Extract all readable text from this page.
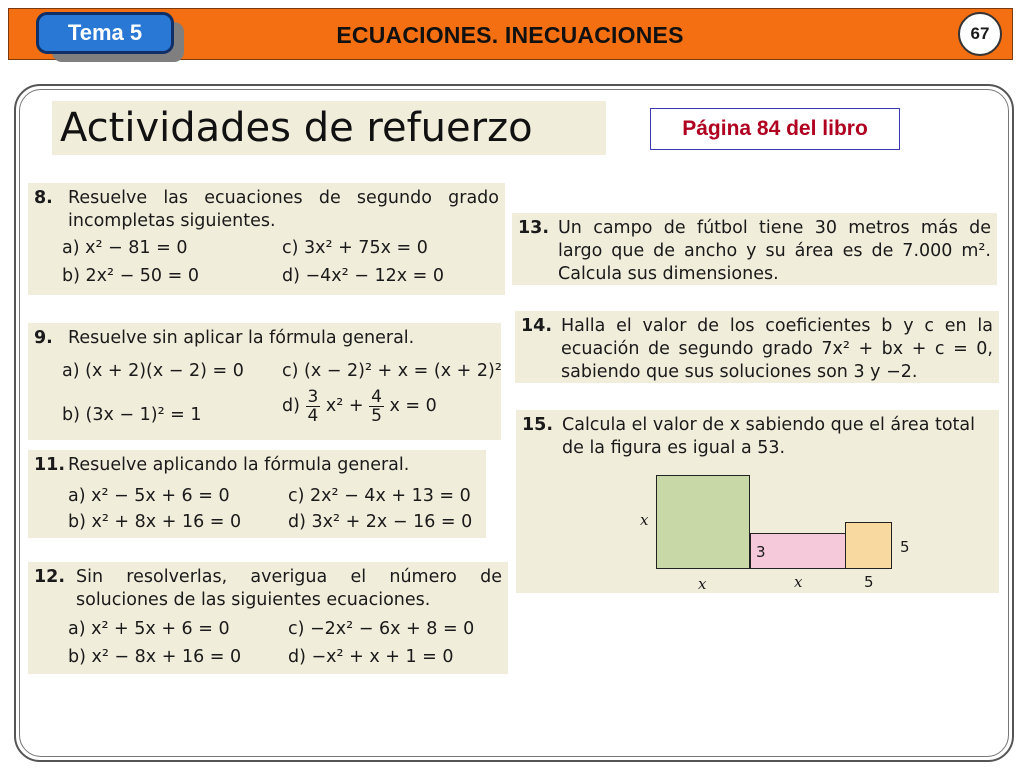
Tema 5	ECUACIONES. INECUACIONES	67
Actividades de refuerzo	Página 84 del libro
8. Resuelve las ecuaciones de segundo grado incompletas siguientes.
a) x² − 81 = 0	c) 3x² + 75x = 0
b) 2x² − 50 = 0	d) −4x² − 12x = 0
9. Resuelve sin aplicar la fórmula general.
a) (x + 2)(x − 2) = 0 c) (x − 2)² + x = (x + 2)²
b) (3x − 1)² = 1	$d) \frac{3}{4} x^2 + \frac{4}{5}$ x = 0
11. Resuelve aplicando la fórmula general.
a) x² − 5x + 6 = 0	c) 2x² − 4x + 13 = 0
b) x² + 8x + 16 = 0	d) 3x² + 2x − 16 = 0
12. Sin resolverlas, averigua el número de soluciones de las siguientes ecuaciones.
a) x² + 5x + 6 = 0	c) −2x² − 6x + 8 = 0
b) x² − 8x + 16 = 0	d) −x² + x + 1 = 0
13. Un campo de fútbol tiene 30 metros más de largo que de ancho y su área es de 7.000 m². Calcula sus dimensiones.
14. Halla el valor de los coeficientes b y c en la ecuación de segundo grado 7x² + bx + c = 0, sabiendo que sus soluciones son 3 y −2.
15. Calcula el valor de x sabiendo que el área total de la figura es igual a 53.
x
3	5
x	x	5
